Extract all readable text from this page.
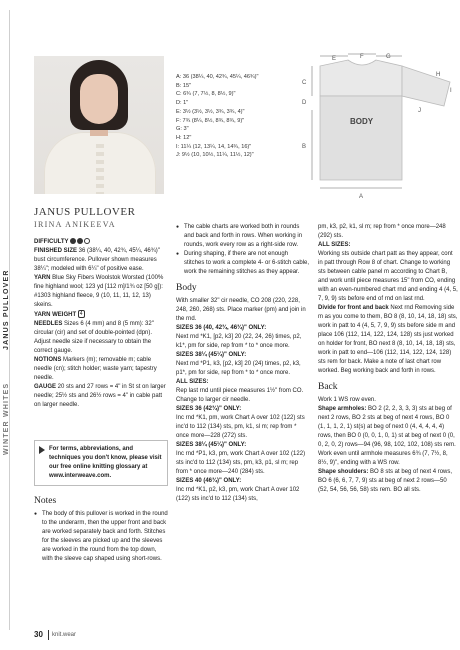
JANUS PULLOVER
WINTER WHITES
A: 36 (38¼, 40, 42¾, 45¼, 46¾)"
B: 15"
C: 6¾ (7, 7½, 8, 8½, 9)"
D: 1"
E: 3½ (3½, 3½, 3¾, 3¾, 4)"
F: 7¾ (8¼, 8½, 8¾, 8¾, 9)"
G: 3"
H: 12"
I: 11¼ (12, 13¼, 14, 14¾, 16)"
J: 9½ (10, 10½, 11¼, 11½, 12)"
E	F	G
H
I
J
C
D
B
A
BODY
JANUS PULLOVER
IRINA ANIKEEVA
DIFFICULTY
FINISHED SIZE 36 (38¼, 40, 42¾, 45¼, 46¾)" bust circumference. Pullover shown measures 38¼"; modeled with 6¼" of positive ease.
YARN Blue Sky Fibers Woolstok Worsted (100% fine highland wool; 123 yd [112 m]/1¾ oz [50 g]): #1303 highland fleece, 9 (10, 11, 11, 12, 13) skeins.
YARN WEIGHT 4
NEEDLES Sizes 6 (4 mm) and 8 (5 mm): 32" circular (cir) and set of double-pointed (dpn). Adjust needle size if necessary to obtain the correct gauge.
NOTIONS Markers (m); removable m; cable needle (cn); stitch holder; waste yarn; tapestry needle.
GAUGE 20 sts and 27 rows = 4" in St st on larger needle; 25½ sts and 26½ rows = 4" in cable patt on larger needle.
For terms, abbreviations, and techniques you don't know, please visit our free online knitting glossary at www.interweave.com.
Notes
● The body of this pullover is worked in the round to the underarm, then the upper front and back are worked separately back and forth. Stitches for the sleeves are picked up and the sleeves are worked in the round from the top down, with the sleeve cap shaped using short-rows.
● The cable charts are worked both in rounds and back and forth in rows. When working in rounds, work every row as a right-side row.
● During shaping, if there are not enough stitches to work a complete 4- or 6-stitch cable, work the remaining stitches as they appear.
Body
With smaller 32" cir needle, CO 208 (220, 228, 248, 260, 268) sts. Place marker (pm) and join in the rnd.
SIZES 36 (40, 42¾, 46¾)" ONLY:
Next rnd *K1, [p2, k3] 20 (22, 24, 26) times, p2, k1*, pm for side, rep from * to * once more.
SIZES 38¼ (45¼)" ONLY:
Next rnd *P1, k3, [p2, k3] 20 (24) times, p2, k3, p1*, pm for side, rep from * to * once more.
ALL SIZES:
Rep last rnd until piece measures 1½" from CO. Change to larger cir needle.
SIZES 36 (42¾)" ONLY:
Inc rnd *K1, pm, work Chart A over 102 (122) sts inc'd to 112 (134) sts, pm, k1, sl m; rep from * once more—228 (272) sts.
SIZES 38¼ (45¼)" ONLY:
Inc rnd *P1, k3, pm, work Chart A over 102 (122) sts inc'd to 112 (134) sts, pm, k3, p1, sl m; rep from * once more—240 (284) sts.
SIZES 40 (46¾)" ONLY:
Inc rnd *K1, p2, k3, pm, work Chart A over 102 (122) sts inc'd to 112 (134) sts,
pm, k3, p2, k1, sl m; rep from * once more—248 (292) sts.
ALL SIZES:
Working sts outside chart patt as they appear, cont in patt through Row 8 of chart. Change to working sts between cable panel m according to Chart B, and work until piece measures 15" from CO, ending with an even-numbered chart rnd and ending 4 (4, 5, 7, 9, 9) sts before end of rnd on last rnd.
Divide for front and back Next rnd Removing side m as you come to them, BO 8 (8, 10, 14, 18, 18) sts, work in patt to 4 (4, 5, 7, 9, 9) sts before side m and place 106 (112, 114, 122, 124, 128) sts just worked on holder for front, BO next 8 (8, 10, 14, 18, 18) sts, work in patt to end—106 (112, 114, 122, 124, 128) sts rem for back. Make a note of last chart row worked. Beg working back and forth in rows.
Back
Work 1 WS row even.
Shape armholes: BO 2 (2, 2, 3, 3, 3) sts at beg of next 2 rows, BO 2 sts at beg of next 4 rows, BO 0 (1, 1, 1, 2, 1) st(s) at beg of next 0 (4, 4, 4, 4, 4) rows, then BO 0 (0, 0, 1, 0, 1) st at beg of next 0 (0, 0, 2, 0, 2) rows—94 (96, 98, 102, 102, 108) sts rem. Work even until armhole measures 6¾ (7, 7½, 8, 8½, 9)", ending with a WS row.
Shape shoulders: BO 8 sts at beg of next 4 rows, BO 6 (6, 6, 7, 7, 9) sts at beg of next 2 rows—50 (52, 54, 56, 56, 58) sts rem. BO all sts.
30 knit.wear
